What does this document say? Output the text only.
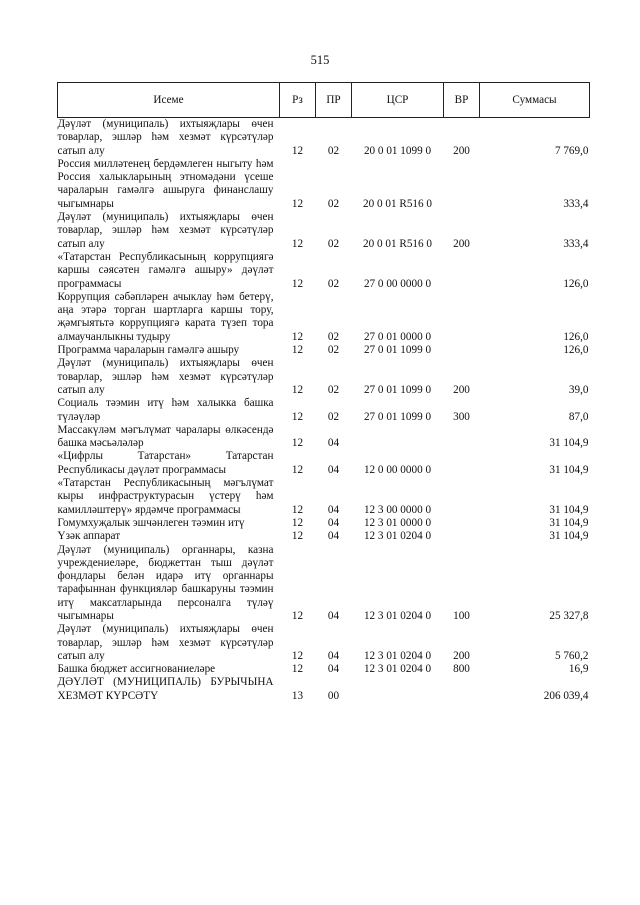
515
Исеме	Рз	ПР	ЦСР	ВР	Суммасы
Дәүләт (муниципаль) ихтыяҗлары өчен товарлар, эшләр һәм хезмәт күрсәтүләр сатып алу	12	02	20 0 01 1099 0	200	7 769,0
Россия милләтенең бердәмлеген ныгыту һәм Россия халыкларының этномәдәни үсеше чараларын гамәлгә ашыруга финанслашу чыгымнары	12	02	20 0 01 R516 0		333,4
Дәүләт (муниципаль) ихтыяҗлары өчен товарлар, эшләр һәм хезмәт күрсәтүләр сатып алу	12	02	20 0 01 R516 0	200	333,4
«Татарстан Республикасының коррупциягә каршы сәясәтен гамәлгә ашыру» дәүләт программасы	12	02	27 0 00 0000 0		126,0
Коррупция сәбәпләрен ачыклау һәм бетерү, аңа этәрә торган шартларга каршы тору, җәмгыятьтә коррупциягә карата түзеп тора алмаучанлыкны тудыру	12	02	27 0 01 0000 0		126,0
Программа чараларын гамәлгә ашыру	12	02	27 0 01 1099 0		126,0
Дәүләт (муниципаль) ихтыяҗлары өчен товарлар, эшләр һәм хезмәт күрсәтүләр сатып алу	12	02	27 0 01 1099 0	200	39,0
Социаль тәэмин итү һәм халыкка башка түләүләр	12	02	27 0 01 1099 0	300	87,0
Массакүләм мәгълүмат чаралары өлкәсендә башка мәсьәләләр	12	04			31 104,9
«Цифрлы Татарстан» Татарстан Республикасы дәүләт программасы	12	04	12 0 00 0000 0		31 104,9
«Татарстан Республикасының мәгълүмат кыры инфраструктурасын үстерү һәм камилләштерү» ярдәмче программасы	12	04	12 3 00 0000 0		31 104,9
Гомумхуҗалык эшчәнлеген тәэмин итү	12	04	12 3 01 0000 0		31 104,9
Үзәк аппарат	12	04	12 3 01 0204 0		31 104,9
Дәүләт (муниципаль) органнары, казна учреждениеләре, бюджеттан тыш дәүләт фондлары белән идарә итү органнары тарафыннан функцияләр башкаруны тәэмин итү максатларында персоналга түләү чыгымнары	12	04	12 3 01 0204 0	100	25 327,8
Дәүләт (муниципаль) ихтыяҗлары өчен товарлар, эшләр һәм хезмәт күрсәтүләр сатып алу	12	04	12 3 01 0204 0	200	5 760,2
Башка бюджет ассигнованиеләре	12	04	12 3 01 0204 0	800	16,9
ДӘҮЛӘТ (МУНИЦИПАЛЬ) БУРЫЧЫНА ХЕЗМӘТ КҮРСӘТҮ	13	00			206 039,4
